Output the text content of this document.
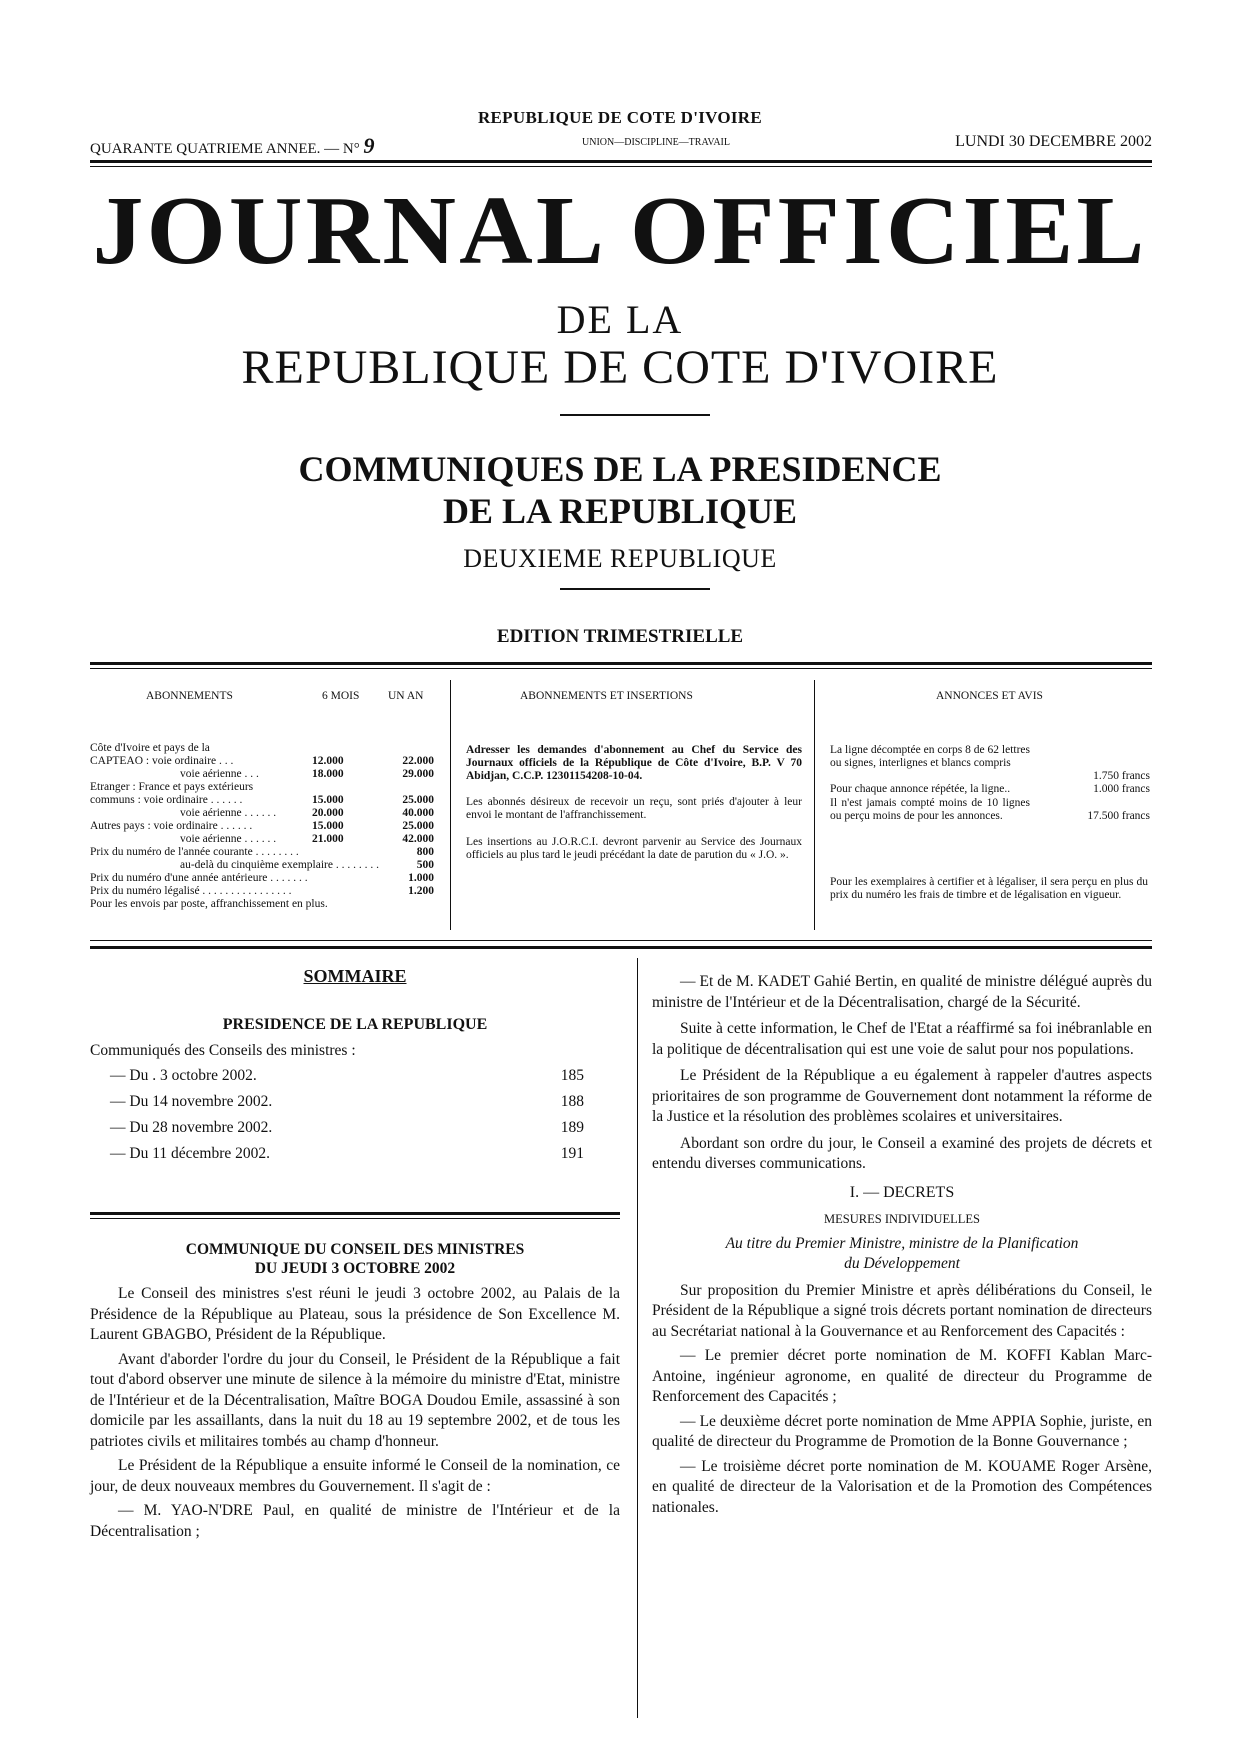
REPUBLIQUE DE COTE D'IVOIRE
QUARANTE QUATRIEME ANNEE. — N° 9	UNION—DISCIPLINE—TRAVAIL	LUNDI 30 DECEMBRE 2002
JOURNAL OFFICIEL
DE LA
REPUBLIQUE DE COTE D'IVOIRE
COMMUNIQUES DE LA PRESIDENCE
DE LA REPUBLIQUE
DEUXIEME REPUBLIQUE
EDITION TRIMESTRIELLE
ABONNEMENTS	6 MOIS UN AN
Côte d'Ivoire et pays de la
CAPTEAO : voie ordinaire . . .	12.000	22.000
voie aérienne . . .	18.000	29.000
Etranger : France et pays extérieurs
communs : voie ordinaire . . . . . .	15.000	25.000
voie aérienne . . . . . .	20.000	40.000
Autres pays : voie ordinaire . . . . . .	15.000	25.000
voie aérienne . . . . . .	21.000	42.000
Prix du numéro de l'année courante . . . . . . . .	800
au-delà du cinquième exemplaire . . . . . . . .	500
Prix du numéro d'une année antérieure . . . . . . .	1.000
Prix du numéro légalisé . . . . . . . . . . . . . . . .	1.200
Pour les envois par poste, affranchissement en plus.
ABONNEMENTS ET INSERTIONS
Adresser les demandes d'abonnement au Chef du Service des Journaux officiels de la République de Côte d'Ivoire, B.P. V 70 Abidjan, C.C.P. 12301154208-10-04.
Les abonnés désireux de recevoir un reçu, sont priés d'ajouter à leur envoi le montant de l'affranchissement.
Les insertions au J.O.R.C.I. devront parvenir au Service des Journaux officiels au plus tard le jeudi précédant la date de parution du « J.O. ».
ANNONCES ET AVIS
La ligne décomptée en corps 8 de 62 lettres ou signes, interlignes et blancs compris
1.750 francs
Pour chaque annonce répétée, la ligne..	1.000 francs
Il n'est jamais compté moins de 10 lignes ou perçu moins de pour les annonces.	17.500 francs
Pour les exemplaires à certifier et à légaliser, il sera perçu en plus du prix du numéro les frais de timbre et de légalisation en vigueur.
SOMMAIRE
PRESIDENCE DE LA REPUBLIQUE
Communiqués des Conseils des ministres :
— Du . 3 octobre 2002.	185
— Du 14 novembre 2002.	188
— Du 28 novembre 2002.	189
— Du 11 décembre 2002.	191
COMMUNIQUE DU CONSEIL DES MINISTRES
DU JEUDI 3 OCTOBRE 2002

Le Conseil des ministres s'est réuni le jeudi 3 octobre 2002, au Palais de la Présidence de la République au Plateau, sous la présidence de Son Excellence M. Laurent GBAGBO, Président de la République.

Avant d'aborder l'ordre du jour du Conseil, le Président de la République a fait tout d'abord observer une minute de silence à la mémoire du ministre d'Etat, ministre de l'Intérieur et de la Décentralisation, Maître BOGA Doudou Emile, assassiné à son domicile par les assaillants, dans la nuit du 18 au 19 septembre 2002, et de tous les patriotes civils et militaires tombés au champ d'honneur.

Le Président de la République a ensuite informé le Conseil de la nomination, ce jour, de deux nouveaux membres du Gouvernement. Il s'agit de :

— M. YAO-N'DRE Paul, en qualité de ministre de l'Intérieur et de la Décentralisation ;

— Et de M. KADET Gahié Bertin, en qualité de ministre délégué auprès du ministre de l'Intérieur et de la Décentralisation, chargé de la Sécurité.

Suite à cette information, le Chef de l'Etat a réaffirmé sa foi inébranlable en la politique de décentralisation qui est une voie de salut pour nos populations.

Le Président de la République a eu également à rappeler d'autres aspects prioritaires de son programme de Gouvernement dont notamment la réforme de la Justice et la résolution des problèmes scolaires et universitaires.

Abordant son ordre du jour, le Conseil a examiné des projets de décrets et entendu diverses communications.

I. — DECRETS
MESURES INDIVIDUELLES
Au titre du Premier Ministre, ministre de la Planification
du Développement

Sur proposition du Premier Ministre et après délibérations du Conseil, le Président de la République a signé trois décrets portant nomination de directeurs au Secrétariat national à la Gouvernance et au Renforcement des Capacités :

— Le premier décret porte nomination de M. KOFFI Kablan Marc-Antoine, ingénieur agronome, en qualité de directeur du Programme de Renforcement des Capacités ;

— Le deuxième décret porte nomination de Mme APPIA Sophie, juriste, en qualité de directeur du Programme de Promotion de la Bonne Gouvernance ;

— Le troisième décret porte nomination de M. KOUAME Roger Arsène, en qualité de directeur de la Valorisation et de la Promotion des Compétences nationales.
